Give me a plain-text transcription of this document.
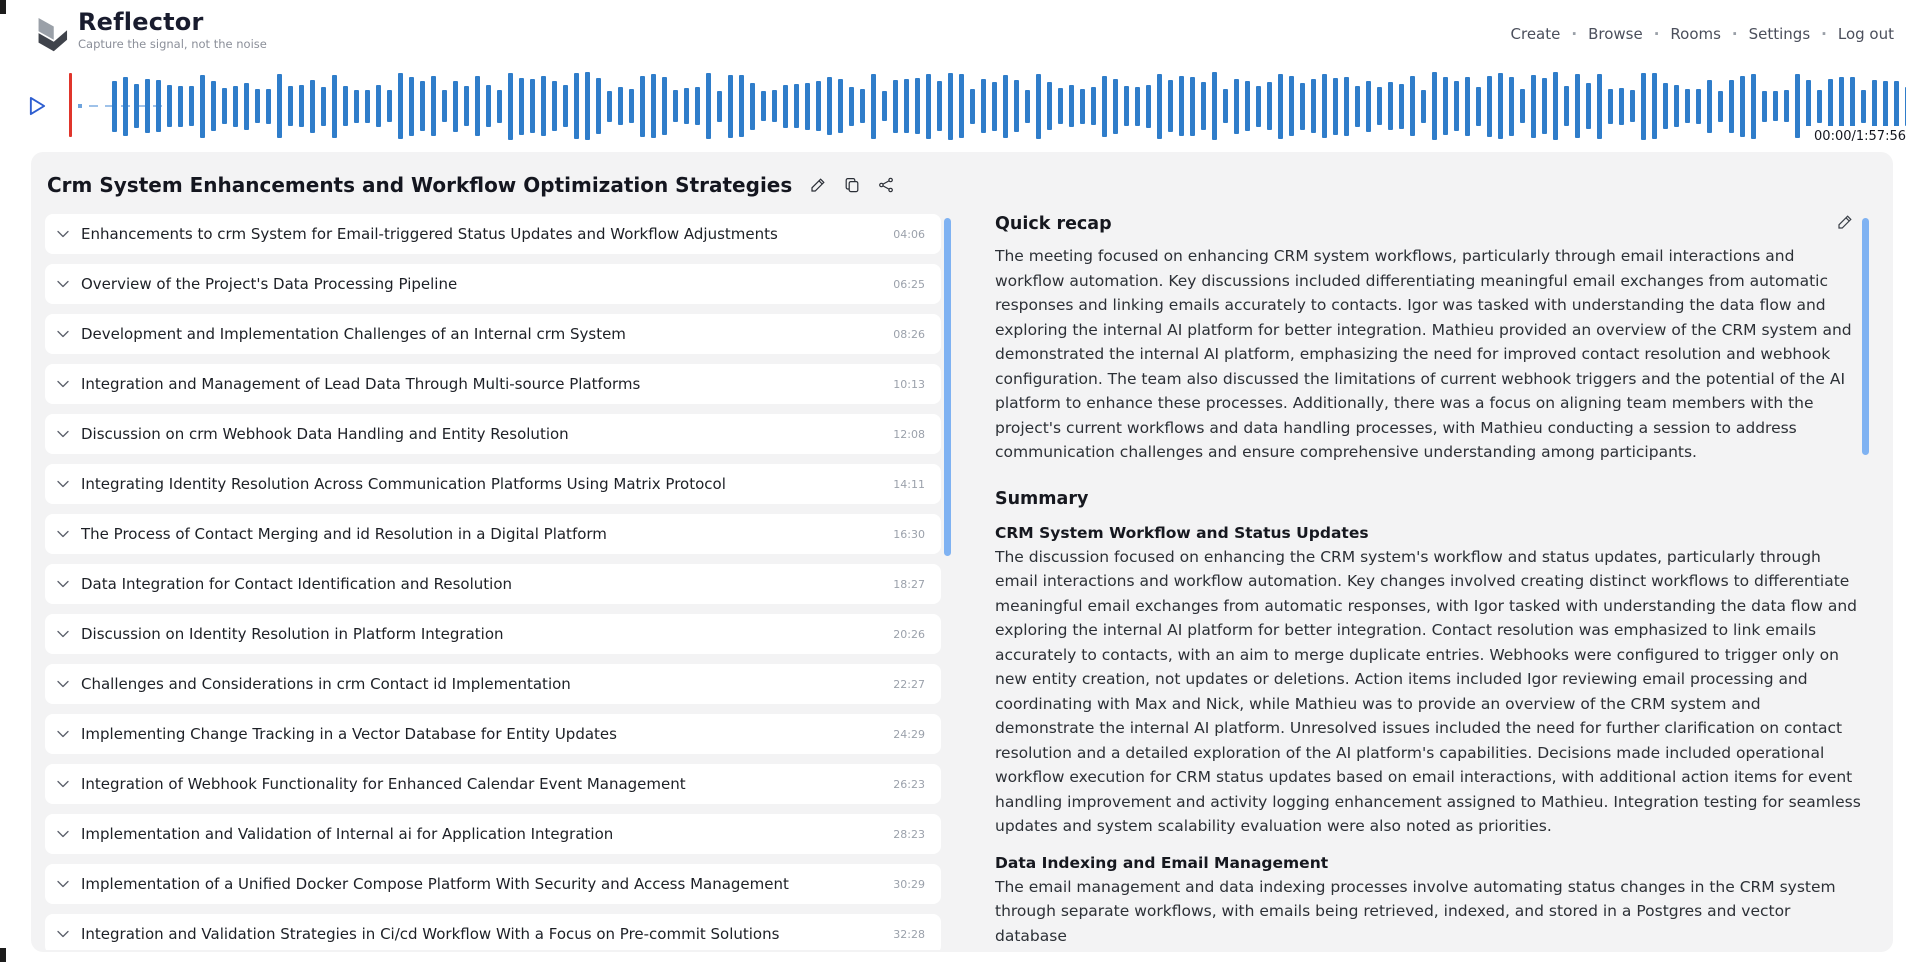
Reflector
Capture the signal, not the noise
Create · Browse · Rooms · Settings · Log out
00:00/1:57:56
Crm System Enhancements and Workflow Optimization Strategies
Enhancements to crm System for Email-triggered Status Updates and Workflow Adjustments	04:06
Overview of the Project's Data Processing Pipeline	06:25
Development and Implementation Challenges of an Internal crm System	08:26
Integration and Management of Lead Data Through Multi-source Platforms	10:13
Discussion on crm Webhook Data Handling and Entity Resolution	12:08
Integrating Identity Resolution Across Communication Platforms Using Matrix Protocol	14:11
The Process of Contact Merging and id Resolution in a Digital Platform	16:30
Data Integration for Contact Identification and Resolution	18:27
Discussion on Identity Resolution in Platform Integration	20:26
Challenges and Considerations in crm Contact id Implementation	22:27
Implementing Change Tracking in a Vector Database for Entity Updates	24:29
Integration of Webhook Functionality for Enhanced Calendar Event Management	26:23
Implementation and Validation of Internal ai for Application Integration	28:23
Implementation of a Unified Docker Compose Platform With Security and Access Management	30:29
Integration and Validation Strategies in Ci/cd Workflow With a Focus on Pre-commit Solutions	32:28
Quick recap

The meeting focused on enhancing CRM system workflows, particularly through email interactions and workflow automation. Key discussions included differentiating meaningful email exchanges from automatic responses and linking emails accurately to contacts. Igor was tasked with understanding the data flow and exploring the internal AI platform for better integration. Mathieu provided an overview of the CRM system and demonstrated the internal AI platform, emphasizing the need for improved contact resolution and webhook configuration. The team also discussed the limitations of current webhook triggers and the potential of the AI platform to enhance these processes. Additionally, there was a focus on aligning team members with the project's current workflows and data handling processes, with Mathieu conducting a session to address communication challenges and ensure comprehensive understanding among participants.

Summary
CRM System Workflow and Status Updates

The discussion focused on enhancing the CRM system's workflow and status updates, particularly through email interactions and workflow automation. Key changes involved creating distinct workflows to differentiate meaningful email exchanges from automatic responses, with Igor tasked with understanding the data flow and exploring the internal AI platform for better integration. Contact resolution was emphasized to link emails accurately to contacts, with an aim to merge duplicate entries. Webhooks were configured to trigger only on new entity creation, not updates or deletions. Action items included Igor reviewing email processing and coordinating with Max and Nick, while Mathieu was to provide an overview of the CRM system and demonstrate the internal AI platform. Unresolved issues included the need for further clarification on contact resolution and a detailed exploration of the AI platform's capabilities. Decisions made included operational workflow execution for CRM status updates based on email interactions, with additional action items for event handling improvement and activity logging enhancement assigned to Mathieu. Integration testing for seamless updates and system scalability evaluation were also noted as priorities.

Data Indexing and Email Management

The email management and data indexing processes involve automating status changes in the CRM system through separate workflows, with emails being retrieved, indexed, and stored in a Postgres and vector database
